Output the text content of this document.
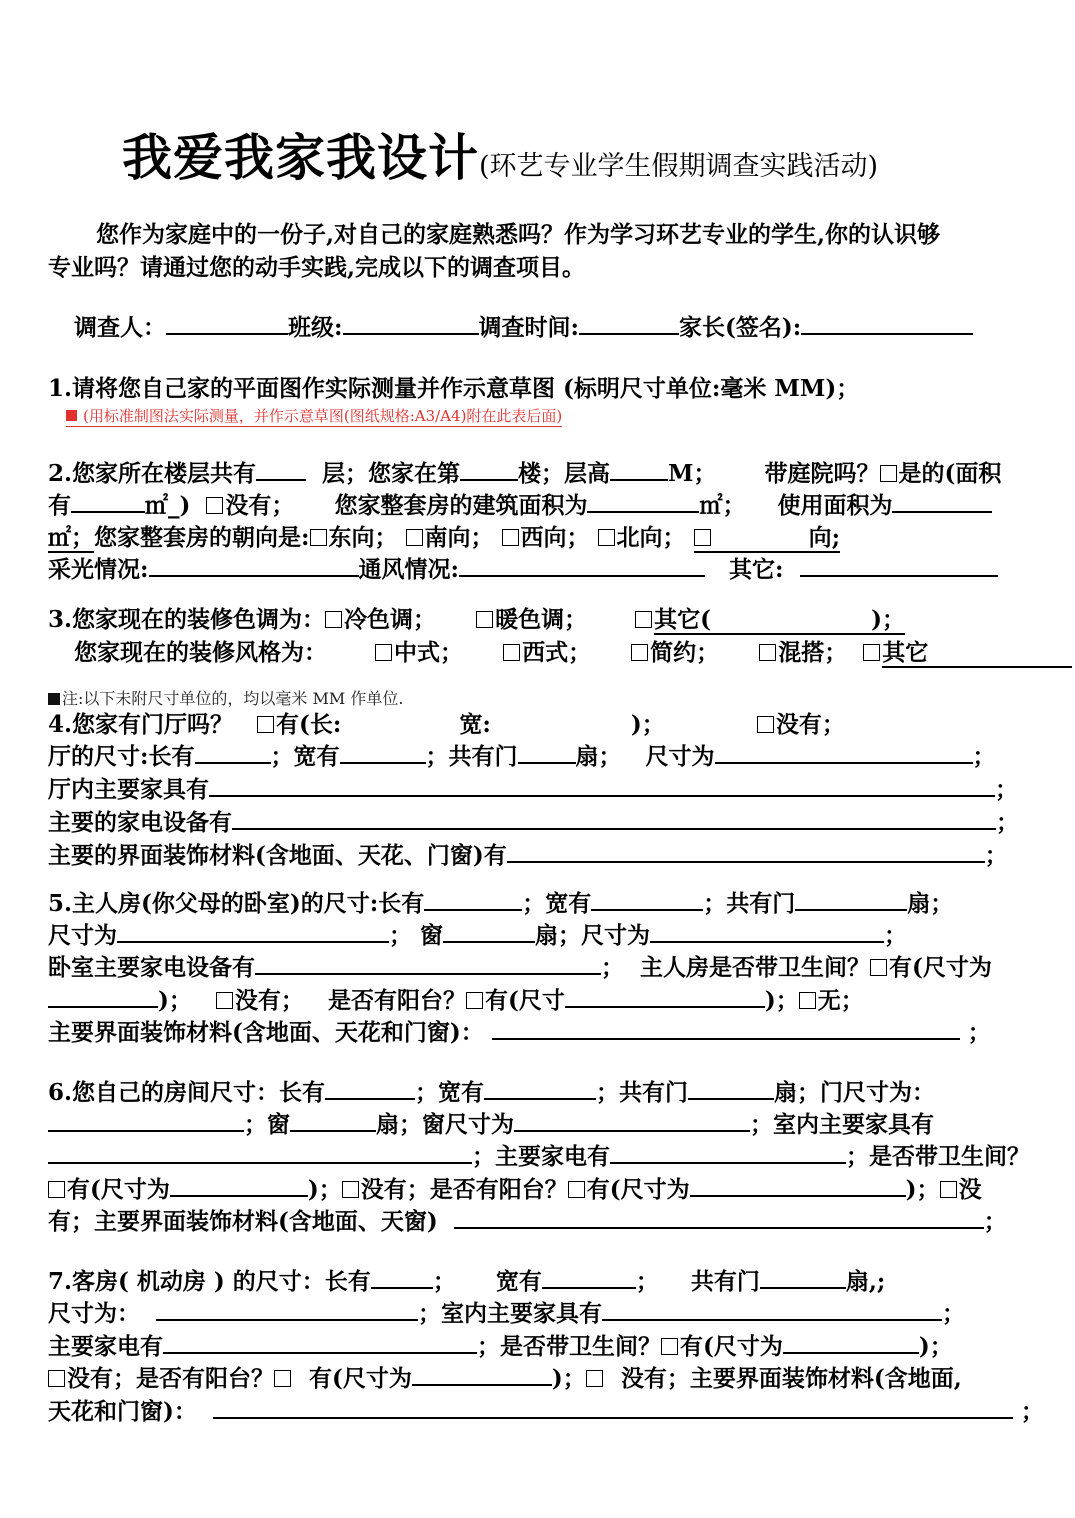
我爱我家我设计(环艺专业学生假期调查实践活动)
您作为家庭中的一份子,对自己的家庭熟悉吗？作为学习环艺专业的学生,你的认识够
专业吗？请通过您的动手实践,完成以下的调查项目。
调查人：	班级:	调查时间:	家长(签名):
1.请将您自己家的平面图作实际测量并作示意草图 (标明尺寸单位:毫米 MM)；
(用标准制图法实际测量，并作示意草图(图纸规格:A3/A4)附在此表后面)
2.您家所在楼层共有	层；您家在第	楼；层高	M； 带庭院吗？ 是的(面积
有	㎡_) 没有； 您家整套房的建筑面积为	㎡； 使用面积为
㎡；您家整套房的朝向是: 东向； 南向； 西向； 北向；	向;
采光情况:	通风情况:	其它:
3.您家现在的装修色调为： 冷色调；	暖色调；	其它(	)；
您家现在的装修风格为：	中式；	西式；	简约；	混搭； 其它
注:以下未附尺寸单位的，均以毫米 MM 作单位.
4.您家有门厅吗？ 有(长:	宽:	)；	没有；
厅的尺寸:长有	；宽有	；共有门	扇； 尺寸为	；
厅内主要家具有	；
主要的家电设备有	；
主要的界面装饰材料(含地面、天花、门窗)有	；
5.主人房(你父母的卧室)的尺寸:长有	；宽有	；共有门	扇；
尺寸为	； 窗	扇；尺寸为	；
卧室主要家电设备有	； 主人房是否带卫生间？ 有(尺寸为
)； 没有； 是否有阳台？ 有(尺寸	)； 无；
主要界面装饰材料(含地面、天花和门窗)：	；
6.您自己的房间尺寸：长有	；宽有	；共有门	扇；门尺寸为：
；窗	扇；窗尺寸为	；室内主要家具有
；主要家电有	；是否带卫生间？
有(尺寸为	)； 没有；是否有阳台？ 有(尺寸为	)； 没
有；主要界面装饰材料(含地面、天窗)	；
7.客房( 机动房 ) 的尺寸：长有	； 宽有	； 共有门	扇,;
尺寸为：	；室内主要家具有	；
主要家电有	；是否带卫生间？ 有(尺寸为	)；
没有；是否有阳台？ 有(尺寸为	)； 没有；主要界面装饰材料(含地面,
天花和门窗)：	；
